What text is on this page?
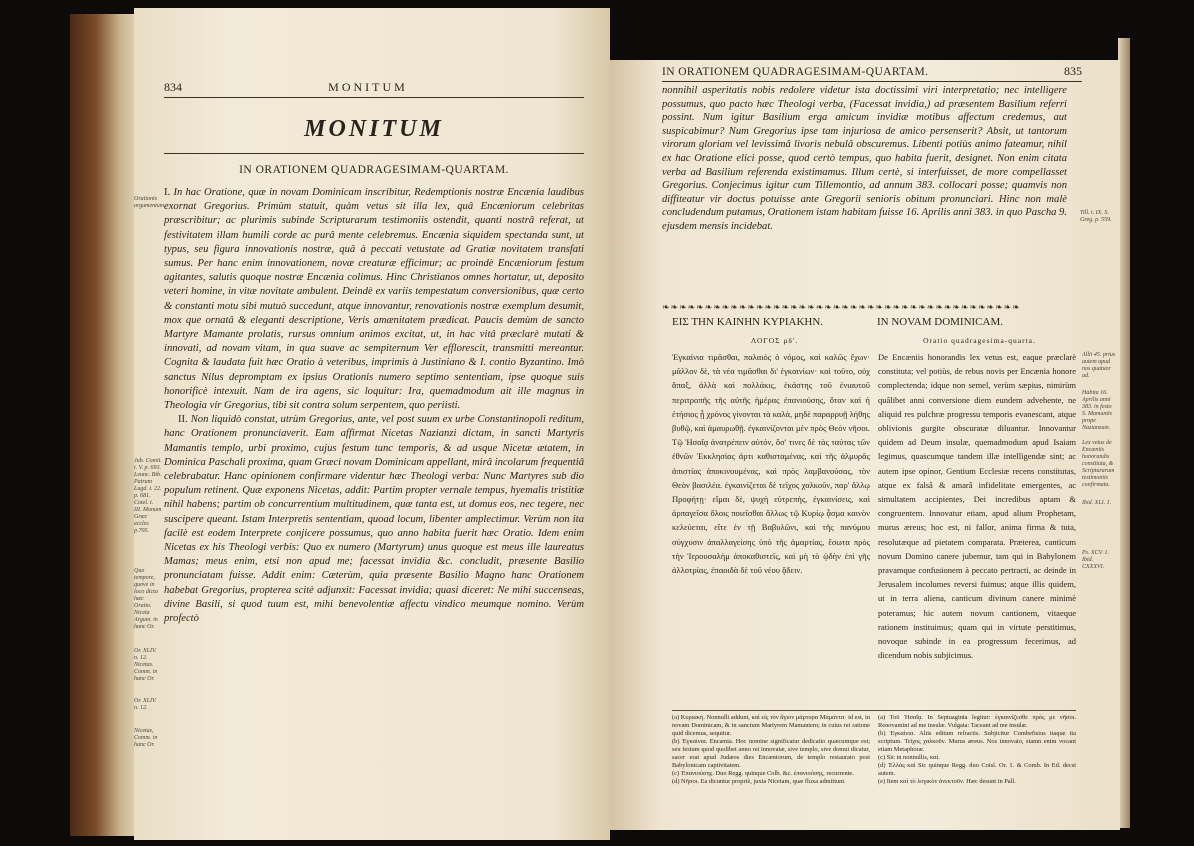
834	MONITUM
MONITUM
IN ORATIONEM QUADRAGESIMAM-QUARTAM.
Orationis argumentum.
Jub. Comit. t. V. p. 693. Leunc. Bib. Patrum Lugd. t. 22. p. 681. Cotel. t. III. Monum Græc eccles p.705.
Quo tempore, quove in loco dicta hæc Oratio. Niceta Argum. in hanc Or.
Or. XLIV. n. 12. Nicetas. Comm. in hanc Or.
Or. XLIV. n. 12.
Nicetas, Comm. in hanc Or.

I. In hac Oratione, quæ in novam Dominicam inscribitur, Redemptionis nostræ Encænia laudibus exornat Gregorius. Primùm statuit, quàm vetus sit illa lex, quâ Encæniorum celebritas præscribitur; ac plurimis subinde Scripturarum testimoniis ostendit, quanti nostrâ referat, ut festivitatem illam humili corde ac purâ mente celebremus. Encænia siquidem spectanda sunt, ut typus, seu figura innovationis nostræ, quâ à peccati vetustate ad Gratiæ novitatem transfati sumus. Per hanc enim innovationem, novæ creaturæ efficimur; ac proindè Encæniorum festum agitantes, salutis quoque nostræ Encænia colimus. Hinc Christianos omnes hortatur, ut, deposito veteri homine, in vitæ novitate ambulent. Deindè ex variis tempestatum conversionibus, quæ certo & constanti motu sibi mutuò succedunt, atque innovantur, renovationis nostræ exemplum desumit, mox que ornatâ & eleganti descriptione, Veris amænitatem prædicat. Paucis demùm de sancto Martyre Mamante prolatis, rursus omnium animos excitat, ut, in hac vitâ præclarè mutati & innovati, ad novam vitam, in qua suave ac sempiternum Ver efflorescit, transmitti mereantur. Cognita & laudata fuit hæc Oratio à veteribus, imprimis à Justiniano & I. contio Byzantino. Imò sanctus Nilus depromptam ex ipsius Orationis numero septimo sententiam, ipse quoque suis honorificè intexuit. Nam de ira agens, sic loquitur: Ira, quemadmodum ait ille magnus in Theologia vir Gregorius, tibi sit contra solum serpentem, quo periisti.

II. Non liquidò constat, utrùm Gregorius, ante, vel post suum ex urbe Constantinopoli reditum, hanc Orationem pronunciaverit. Eam affirmat Nicetas Nazianzi dictam, in sancti Martyris Mamantis templo, urbi proximo, cujus festum tunc temporis, & ad usque Nicetæ ætatem, in Dominica Paschali proxima, quam Græci novam Dominicam appellant, mirâ incolarum frequentiâ celebrabatur. Hanc opinionem confirmare videntur hæc Theologi verba: Nunc Martyres sub dio populum retinent. Quæ exponens Nicetas, addit: Partim propter vernale tempus, hyemalis tristitiæ nihil habens; partim ob concurrentium multitudinem, quæ tanta est, ut domus eos, nec tegere, nec suscipere queant. Istam Interpretis sententiam, quoad locum, libenter amplectimur. Verùm non ita facilè est eodem Interprete conjicere possumus, quo anno habita fuerit hæc Oratio. Idem enim Nicetas ex his Theologi verbis: Quo ex numero (Martyrum) unus quoque est meus ille laureatus Mamas; meus enim, etsi non apud me; facessat invidia &c. concludit, præsente Basilio pronunciatam fuisse. Addit enim: Cæterùm, quia præsente Basilio Magno hanc Orationem habebat Gregorius, propterea scitè adjunxit: Facessat invidia; quasi diceret: Ne mihi succenseas, divine Basili, si quod tuum est, mihi benevolentiæ affectu vindico meumque nomino. Verùm profectò

IN ORATIONEM QUADRAGESIMAM-QUARTAM.	835
nonnihil asperitatis nobis redolere videtur ista doctissimi viri interpretatio; nec intelligere possumus, quo pacto hæc Theologi verba, (Facessat invidia,) ad præsentem Basilium referri possint. Num igitur Basilium erga amicum invidiæ motibus affectum credemus, aut suspicabimur? Num Gregorius ipse tam injuriosa de amico persenserit? Absit, ut tantorum virorum gloriam vel levissimâ livoris nebulâ obscuremus. Libenti potiùs animo fateamur, nihil ex hac Oratione elici posse, quod certò tempus, quo habita fuerit, designet. Non enim citata verba ad Basilium referenda existimamus. Illum certè, si interfuisset, de more compellasset Gregorius. Conjecimus igitur cum Tillemontio, ad annum 383. collocari posse; quamvis non diffiteatur vir doctus potuisse ante Gregorii senioris obitum pronunciari. Hinc non malè concludendum putamus, Orationem istam habitam fuisse 16. Aprilis anni 383. in quo Pascha 9. ejusdem mensis incidebat.
Till. t. IX. S. Greg. p. 559.
❧❧❧❧❧❧❧❧❧❧❧❧❧❧❧❧❧❧❧❧❧❧❧❧❧❧❧❧❧❧❧❧❧❧❧❧❧❧❧❧❧❧
ΕΙΣ ΤΗΝ ΚΑΙΝΗΝ ΚΥΡΙΑΚΗΝ.	IN NOVAM DOMINICAM.
ΛΟΓΟΣ μδ'.	Oratio quadragesima-quarta.
Ἐγκαίνια τιμᾶσθαι, παλαιός ὁ νόμος, καὶ καλῶς ἔχων· μᾶλλον δὲ, τὰ νέα τιμᾶσθαι δι' ἐγκαινίων· καὶ τοῦτο, οὐχ ἅπαξ, ἀλλὰ καὶ πολλάκις, ἑκάστης τοῦ ἐνιαυτοῦ περιτροπῆς τῆς αὐτῆς ἡμέρας ἐπανιούσης, ὅταν καὶ ἡ ἐτήσιος ᾖ χρόνος γίνονται τὰ καλὰ, μηδὲ παραρρυῇ λήθης βυθῷ, καὶ ἀμαυρωθῇ. ἐγκαινίζονται μὲν πρὸς Θεὸν νῆσοι. Τῷ Ἡσαΐᾳ ἀνατρέπειν αὐτόν, ὅσ' τινες δὲ τὰς ταύτας τῶν ἐθνῶν Ἐκκλησίας ἀρτι καθισταμένας, καὶ τῆς ἀλμυρᾶς ἀπιστίας ἀποκινουμένας, καὶ πρὸς λαμβανούσας, τὸν Θεὸν βασιλέα. ἐγκαινίζεται δὲ τεῖχος χαλκοῦν, παρ' ἄλλῳ Προφήτῃ· εἴμαι δὲ, ψυχὴ εὐτρεπὴς, ἐγκαινίσεις, καὶ ἀρπαγεῖσα ὄλοις ποιεῖσθαι ἄλλως τῷ Κυρίῳ ᾆσμα καινὸν κελεύεται, εἴτε ἐν τῇ Βαβυλῶνι, καὶ τῆς πανύμου σύγχυσιν ἀπαλλαγείσης ὑπὸ τῆς ἁμαρτίας, ἔσωτα πρὸς τὴν Ἱερουσαλὴμ ἀποκαθιστεῖς, καὶ μὴ τὸ ᾠδὴν ἐπὶ γῆς ἀλλοτρίας, ἐπαοιδὰ δὲ τοῦ νέου ᾄδειν.
De Encæniis honorandis lex vetus est, eaque præclarè constituta; vel potiùs, de rebus novis per Encænia honore complectenda; idque non semel, verùm sæpius, nimirùm quâlibet anni conversione diem eundem advehente, ne aliquid res pulchræ progressu temporis evanescant, atque oblivionis gurgite obscuratæ diluantur. Innovantur quidem ad Deum insulæ, quemadmodum apud Isaiam legimus, quascumque tandem illæ intelligendæ sint; ac autem ipse opinor, Gentium Ecclesiæ recens constitutas, atque ex falsâ & amarâ infidelitate emergentes, ac simultatem accipientes, Dei incredibus aptam & congruentem. Innovatur etiam, apud alium Prophetam, murus æreus; hoc est, ni fallor, anima firma & tuta, resolutæque ad pietatem comparata. Præterea, canticum novum Domino canere jubemur, tam qui in Babylonem pravamque confusionem à peccato pertracti, ac deinde in Jerusalem incolumes reversi fuimus; atque illis quidem, ut in terra aliena, canticum divinum canere minimè poteramus; hic autem novum cantionem, vitaeque rationem instituimus; quam qui in virtute perstitimus, novoque subinde in ea progressum fecerimus, ad dicendum nobis subjicimus.
Allii 45. prius autem apud nos quatuor ad.
Habita 16. Aprilis anni 383. in festo S. Mamantis prope Nazianzum.
Lex vetus de Encæniis honorandis constituta, & Scripturarum testimoniis confirmata.
Ibid. XLI. 1.
Ps. XCV. 1. Ibid. CXXXVI.
(a) Κυριακή. Nonnulli addunt, καὶ εἰς τὸν ἅγιον μάρτυρα Μάμαντα· id est, in novam Dominicam, & in sanctum Martyrem Mamantem; in cuius rei ratione quid dicemus, sequitur.
(b) Ἐγκαίνια. Encænia. Hoc nomine significatur dedicatio quæcumque est; seu festum quod quolibet anno rei innovatæ, sive templo, sive domui dicatur, sacer erat apud Judæos dies Encæniorum, de templo restaurato post Babylonicam captivitatem.
(c) Ἐπανιούσης. Duo Regg. quinque Colb. &c. ἐπανιούσης, recurrente.
(d) Νῆσοι. Ea dicuntur propriè, juxta Nicetam, quæ fluxa admittunt.
(a) Τοῦ Ἡσαΐᾳ. In Septuaginta legitur: ἐγκαινίζεσθε πρὸς με νῆσοι. Renovamini ad me insulæ. Vulgata: Taceant ad me insulæ.
(b) Ἐγκαίνια. Aliis editum refractis. Subjicitur Combefisius itaque ita scriptum. Τεῖχος χαλκοῦν. Murus æreus. Nos innovato, stamn enim vocant etiam Metaphoræ.
(c) Sic in nonnullis, καὶ.
(d) Ἑλλάς καὶ Sic quinque Regg. duo Coisl. Or. 1. & Comb. In Ed. decst autem.
(e) Item καὶ τὸ λογικὸν ἀνεκτοῦν. Hæc desunt in Pall.
